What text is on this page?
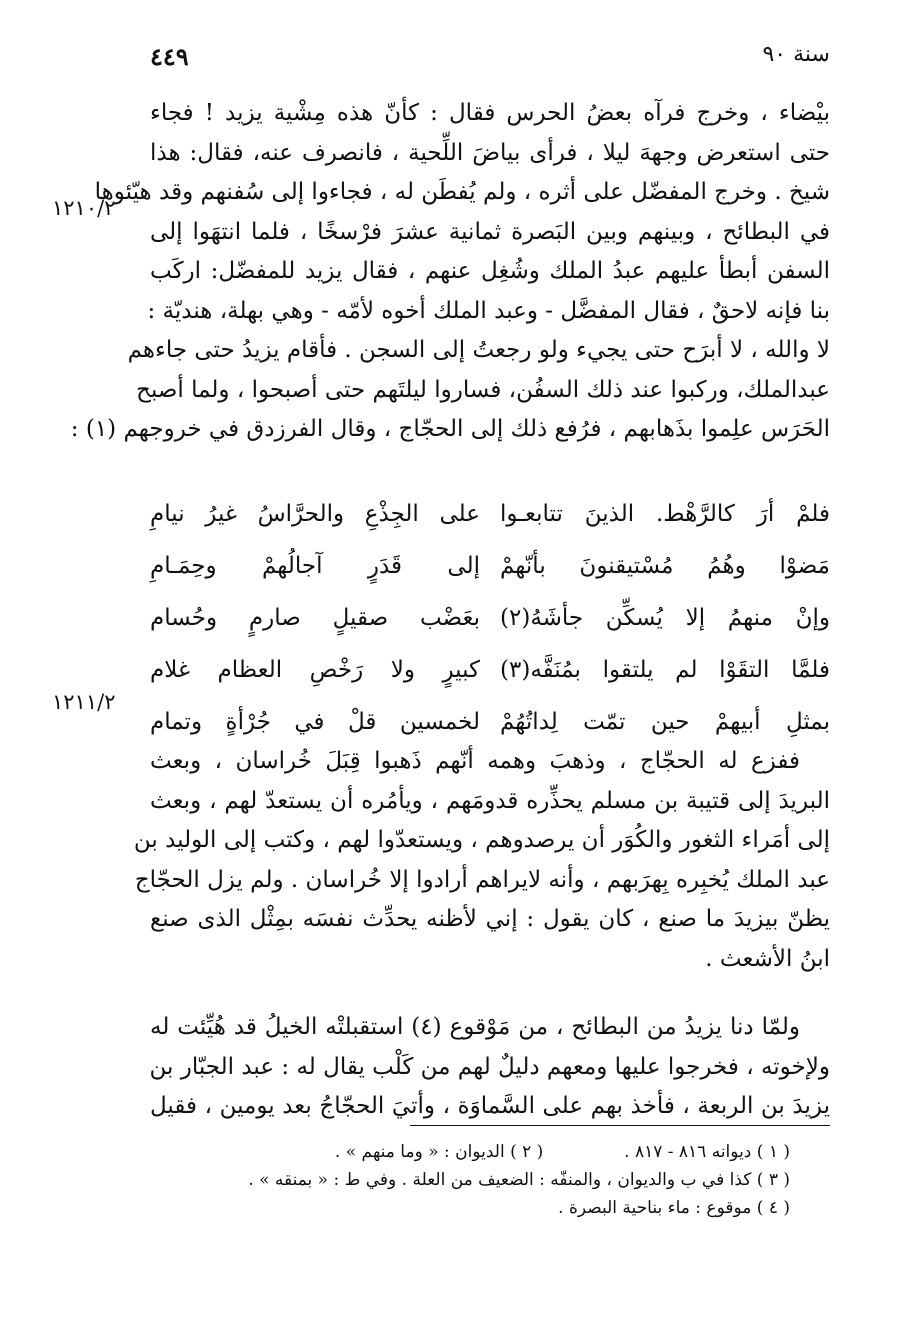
٤٤٩	سنة ٩٠
١٢١٠/٢
١٢١١/٢
بيْضاء ، وخرج فرآه بعضُ الحرس فقال : كأنّ هذه مِشْية يزيد ! فجاء
حتى استعرض وجههَ ليلا ، فرأى بياضَ اللِّحية ، فانصرف عنه، فقال: هذا
شيخ . وخرج المفضّل على أثره ، ولم يُفطَن له ، فجاءوا إلى سُفنهم وقد هيّئوها
في البطائح ، وبينهم وبين البَصرة ثمانية عشرَ فرْسخًا ، فلما انتهَوا إلى
السفن أبطأ عليهم عبدُ الملك وشُغِل عنهم ، فقال يزيد للمفضّل: اركَب
بنا فإنه لاحقٌ ، فقال المفضَّل - وعبد الملك أخوه لأمّه - وهي بهلة، هنديّة :
لا والله ، لا أبرَح حتى يجيء ولو رجعتُ إلى السجن . فأقام يزيدُ حتى جاءهم
عبدالملك، وركبوا عند ذلك السفُن، فساروا ليلتَهم حتى أصبحوا ، ولما أصبح
الحَرَس علِموا بذَهابهم ، فرُفع ذلك إلى الحجّاج ، وقال الفرزدق في خروجهم (١) :
فلمْ أرَ كالرَّهْط. الذينَ تتابعـوا
على الجِذْعِ والحرَّاسُ غيرُ نيامِ
مَضوْا وهُمُ مُسْتيقنونَ بأنّهمْ
إلى قَدَرٍ آجالُهمْ وحِمَـامِ
وإنْ منهمُ إلا يُسكِّن جأشَهُ(٢)
بعَضْب صقيلٍ صارمٍ وحُسام
فلمَّا التقَوْا لم يلتقوا بمُنَفَّه(٣)
كبيرٍ ولا رَخْصِ العظام غلام
بمثلِ أبيهمْ حين تمّت لِداتُهُمْ
لخمسين قلْ في جُرْأةٍ وتمام
ففزع له الحجّاج ، وذهبَ وهمه أنّهم ذَهبوا قِبَلَ خُراسان ، وبعث
البريدَ إلى قتيبة بن مسلم يحذِّره قدومَهم ، ويأمُره أن يستعدّ لهم ، وبعث
إلى أمَراء الثغور والكُوَر أن يرصدوهم ، ويستعدّوا لهم ، وكتب إلى الوليد بن
عبد الملك يُخبِره بِهرَبهم ، وأنه لايراهم أرادوا إلا خُراسان . ولم يزل الحجّاج
يظنّ بيزيدَ ما صنع ، كان يقول : إني لأظنه يحدِّث نفسَه بمِثْل الذى صنع
ابنُ الأشعث .
ولمّا دنا يزيدُ من البطائح ، من مَوْقوع (٤) استقبلتْه الخيلُ قد هُيِّئت له
ولإخوته ، فخرجوا عليها ومعهم دليلٌ لهم من كَلْب يقال له : عبد الجبّار بن
يزيدَ بن الربعة ، فأخذ بهم على السَّماوَة ، وأتيَ الحجّاجُ بعد يومين ، فقيل
( ١ ) ديوانه ٨١٦ - ٨١٧ .  ( ٢ ) الديوان : « وما منهم » .
( ٣ ) كذا في ب والديوان ، والمنفّه : الضعيف من العلة . وفي ط : « بمنقه » .
( ٤ ) موقوع : ماء بناحية البصرة .
